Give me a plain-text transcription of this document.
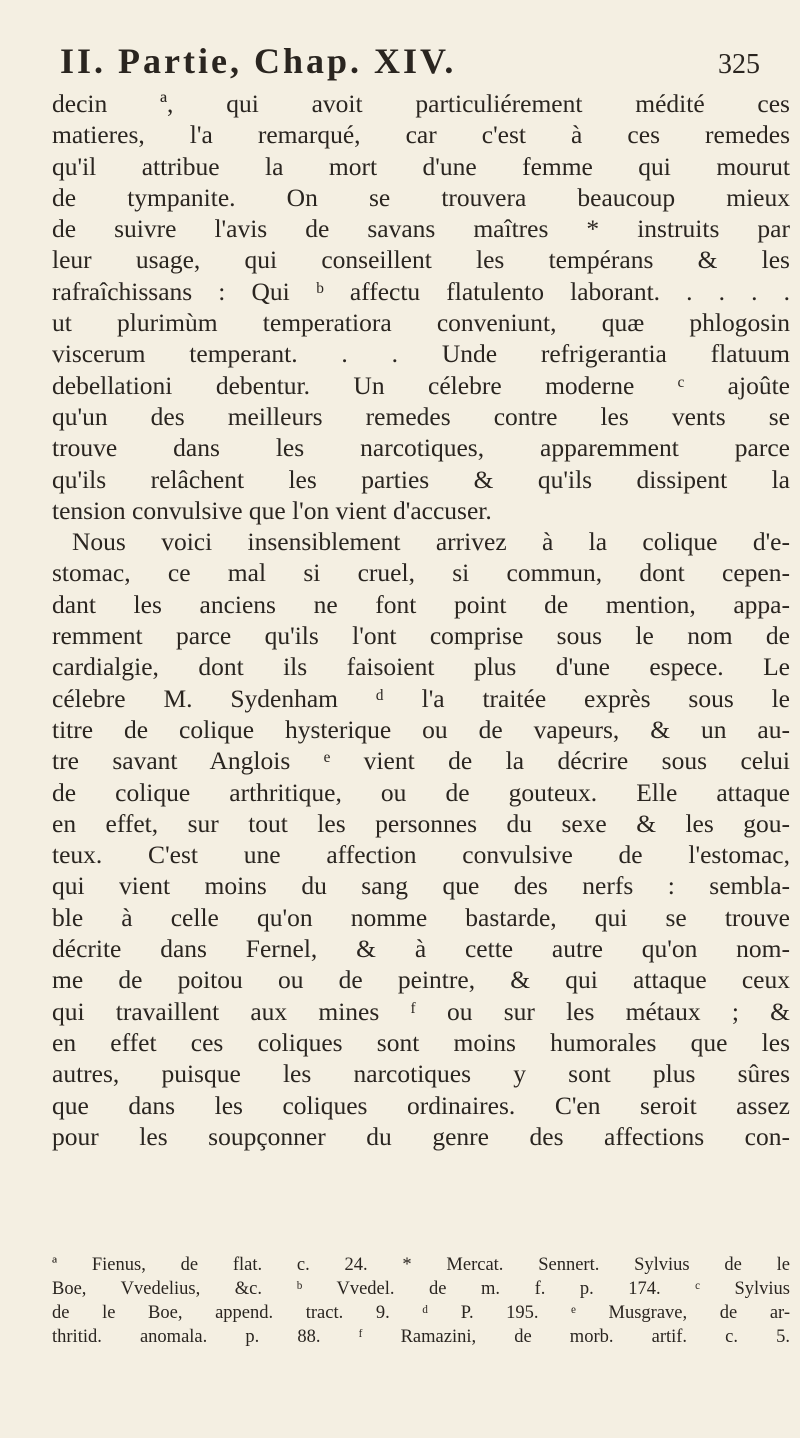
II. Partie, Chap. XIV.	325
decin ª, qui avoit particuliérement médité ces
matieres, l'a remarqué, car c'est à ces remedes
qu'il attribue la mort d'une femme qui mourut
de tympanite. On se trouvera beaucoup mieux
de suivre l'avis de savans maîtres * instruits par
leur usage, qui conseillent les tempérans & les
rafraîchissans : Qui ᵇ affectu flatulento laborant. . . . .
ut plurimùm temperatiora conveniunt, quæ phlogosin
viscerum temperant. . . Unde refrigerantia flatuum
debellationi debentur. Un célebre moderne ᶜ ajoûte
qu'un des meilleurs remedes contre les vents se
trouve dans les narcotiques, apparemment parce
qu'ils relâchent les parties & qu'ils dissipent la
tension convulsive que l'on vient d'accuser.
Nous voici insensiblement arrivez à la colique d'e-
stomac, ce mal si cruel, si commun, dont cepen-
dant les anciens ne font point de mention, appa-
remment parce qu'ils l'ont comprise sous le nom de
cardialgie, dont ils faisoient plus d'une espece. Le
célebre M. Sydenham ᵈ l'a traitée exprès sous le
titre de colique hysterique ou de vapeurs, & un au-
tre savant Anglois ᵉ vient de la décrire sous celui
de colique arthritique, ou de gouteux. Elle attaque
en effet, sur tout les personnes du sexe & les gou-
teux. C'est une affection convulsive de l'estomac,
qui vient moins du sang que des nerfs : sembla-
ble à celle qu'on nomme bastarde, qui se trouve
décrite dans Fernel, & à cette autre qu'on nom-
me de poitou ou de peintre, & qui attaque ceux
qui travaillent aux mines ᶠ ou sur les métaux ; &
en effet ces coliques sont moins humorales que les
autres, puisque les narcotiques y sont plus sûres
que dans les coliques ordinaires. C'en seroit assez
pour les soupçonner du genre des affections con-
ª Fienus, de flat. c. 24. * Mercat. Sennert. Sylvius de le
Boe, Vvedelius, &c. ᵇ Vvedel. de m. f. p. 174. ᶜ Sylvius
de le Boe, append. tract. 9. ᵈ P. 195. ᵉ Musgrave, de ar-
thritid. anomala. p. 88. ᶠ Ramazini, de morb. artif. c. 5.
